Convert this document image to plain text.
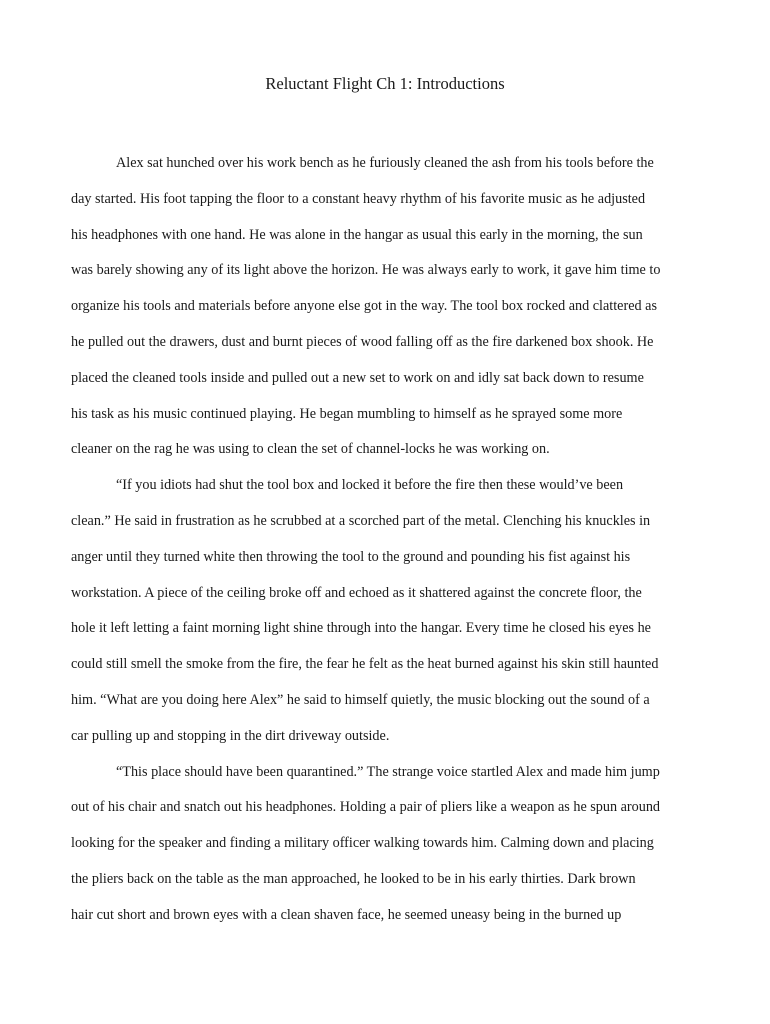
Reluctant Flight Ch 1: Introductions

Alex sat hunched over his work bench as he furiously cleaned the ash from his tools before the
day started. His foot tapping the floor to a constant heavy rhythm of his favorite music as he adjusted
his headphones with one hand. He was alone in the hangar as usual this early in the morning, the sun
was barely showing any of its light above the horizon. He was always early to work, it gave him time to
organize his tools and materials before anyone else got in the way. The tool box rocked and clattered as
he pulled out the drawers, dust and burnt pieces of wood falling off as the fire darkened box shook. He
placed the cleaned tools inside and pulled out a new set to work on and idly sat back down to resume
his task as his music continued playing. He began mumbling to himself as he sprayed some more
cleaner on the rag he was using to clean the set of channel-locks he was working on.

“If you idiots had shut the tool box and locked it before the fire then these would’ve been
clean.” He said in frustration as he scrubbed at a scorched part of the metal. Clenching his knuckles in
anger until they turned white then throwing the tool to the ground and pounding his fist against his
workstation. A piece of the ceiling broke off and echoed as it shattered against the concrete floor, the
hole it left letting a faint morning light shine through into the hangar. Every time he closed his eyes he
could still smell the smoke from the fire, the fear he felt as the heat burned against his skin still haunted
him. “What are you doing here Alex” he said to himself quietly, the music blocking out the sound of a
car pulling up and stopping in the dirt driveway outside.

“This place should have been quarantined.” The strange voice startled Alex and made him jump
out of his chair and snatch out his headphones. Holding a pair of pliers like a weapon as he spun around
looking for the speaker and finding a military officer walking towards him. Calming down and placing
the pliers back on the table as the man approached, he looked to be in his early thirties. Dark brown
hair cut short and brown eyes with a clean shaven face, he seemed uneasy being in the burned up
